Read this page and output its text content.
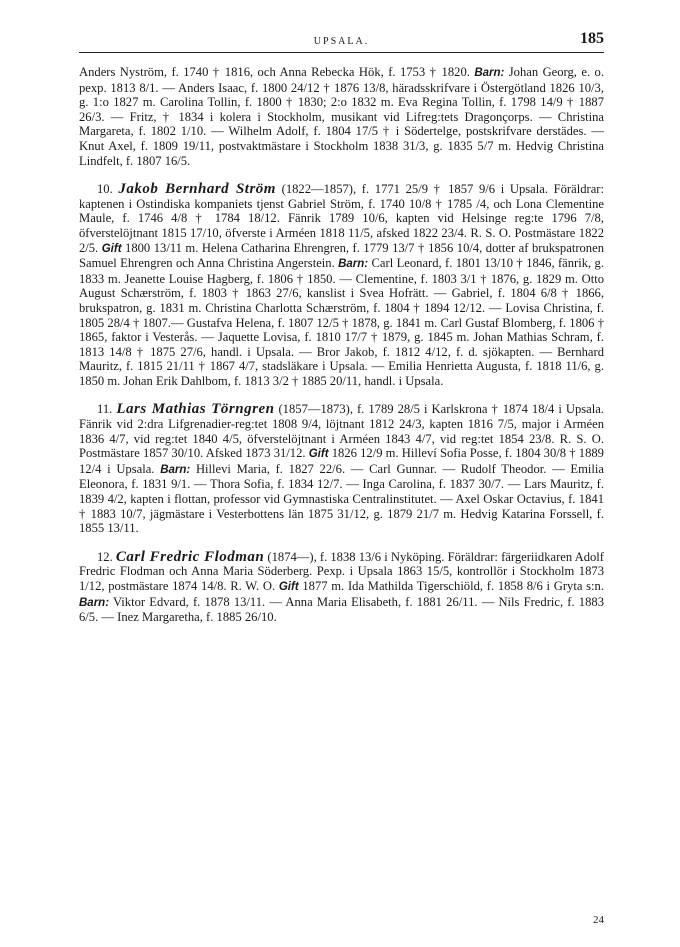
UPSALA.	185

Anders Nyström, f. 1740 † 1816, och Anna Rebecka Hök, f. 1753 † 1820. Barn: Johan Georg, e. o. pexp. 1813 8/1. — Anders Isaac, f. 1800 24/12 † 1876 13/8, häradsskrifvare i Östergötland 1826 10/3, g. 1:o 1827 m. Carolina Tollin, f. 1800 † 1830; 2:o 1832 m. Eva Regina Tollin, f. 1798 14/9 † 1887 26/3. — Fritz, † 1834 i kolera i Stockholm, musikant vid Lifreg:tets Dragonçorps. — Christina Margareta, f. 1802 1/10. — Wilhelm Adolf, f. 1804 17/5 † i Södertelge, postskrifvare derstädes. — Knut Axel, f. 1809 19/11, postvaktmästare i Stockholm 1838 31/3, g. 1835 5/7 m. Hedvig Christina Lindfelt, f. 1807 16/5.

10. Jakob Bernhard Ström (1822—1857), f. 1771 25/9 † 1857 9/6 i Upsala. Föräldrar: kaptenen i Ostindiska kompaniets tjenst Gabriel Ström, f. 1740 10/8 † 1785 /4, och Lona Clementine Maule, f. 1746 4/8 † 1784 18/12. Fänrik 1789 10/6, kapten vid Helsinge reg:te 1796 7/8, öfverstelöjtnant 1815 17/10, öfverste i Arméen 1818 11/5, afsked 1822 23/4. R. S. O. Postmästare 1822 2/5. Gift 1800 13/11 m. Helena Catharina Ehrengren, f. 1779 13/7 † 1856 10/4, dotter af brukspatronen Samuel Ehrengren och Anna Christina Angerstein. Barn: Carl Leonard, f. 1801 13/10 † 1846, fänrik, g. 1833 m. Jeanette Louise Hagberg, f. 1806 † 1850. — Clementine, f. 1803 3/1 † 1876, g. 1829 m. Otto August Schærström, f. 1803 † 1863 27/6, kanslist i Svea Hofrätt. — Gabriel, f. 1804 6/8 † 1866, brukspatron, g. 1831 m. Christina Charlotta Schærström, f. 1804 † 1894 12/12. — Lovisa Christina, f. 1805 28/4 † 1807.— Gustafva Helena, f. 1807 12/5 † 1878, g. 1841 m. Carl Gustaf Blomberg, f. 1806 † 1865, faktor i Vesterås. — Jaquette Lovisa, f. 1810 17/7 † 1879, g. 1845 m. Johan Mathias Schram, f. 1813 14/8 † 1875 27/6, handl. i Upsala. — Bror Jakob, f. 1812 4/12, f. d. sjökapten. — Bernhard Mauritz, f. 1815 21/11 † 1867 4/7, stadsläkare i Upsala. — Emilia Henrietta Augusta, f. 1818 11/6, g. 1850 m. Johan Erik Dahlbom, f. 1813 3/2 † 1885 20/11, handl. i Upsala.

11. Lars Mathias Törngren (1857—1873), f. 1789 28/5 i Karlskrona † 1874 18/4 i Upsala. Fänrik vid 2:dra Lifgrenadier-reg:tet 1808 9/4, löjtnant 1812 24/3, kapten 1816 7/5, major i Arméen 1836 4/7, vid reg:tet 1840 4/5, öfverstelöjtnant i Arméen 1843 4/7, vid reg:tet 1854 23/8. R. S. O. Postmästare 1857 30/10. Afsked 1873 31/12. Gift 1826 12/9 m. Hilleví Sofia Posse, f. 1804 30/8 † 1889 12/4 i Upsala. Barn: Hillevi Maria, f. 1827 22/6. — Carl Gunnar. — Rudolf Theodor. — Emilia Eleonora, f. 1831 9/1. — Thora Sofia, f. 1834 12/7. — Inga Carolina, f. 1837 30/7. — Lars Mauritz, f. 1839 4/2, kapten i flottan, professor vid Gymnastiska Centralinstitutet. — Axel Oskar Octavius, f. 1841 † 1883 10/7, jägmästare i Vesterbottens län 1875 31/12, g. 1879 21/7 m. Hedvig Katarina Forssell, f. 1855 13/11.

12. Carl Fredric Flodman (1874—), f. 1838 13/6 i Nyköping. Föräldrar: färgeriidkaren Adolf Fredric Flodman och Anna Maria Söderberg. Pexp. i Upsala 1863 15/5, kontrollör i Stockholm 1873 1/12, postmästare 1874 14/8. R. W. O. Gift 1877 m. Ida Mathilda Tigerschiöld, f. 1858 8/6 i Gryta s:n. Barn: Viktor Edvard, f. 1878 13/11. — Anna Maria Elisabeth, f. 1881 26/11. — Nils Fredric, f. 1883 6/5. — Inez Margaretha, f. 1885 26/10.

24
